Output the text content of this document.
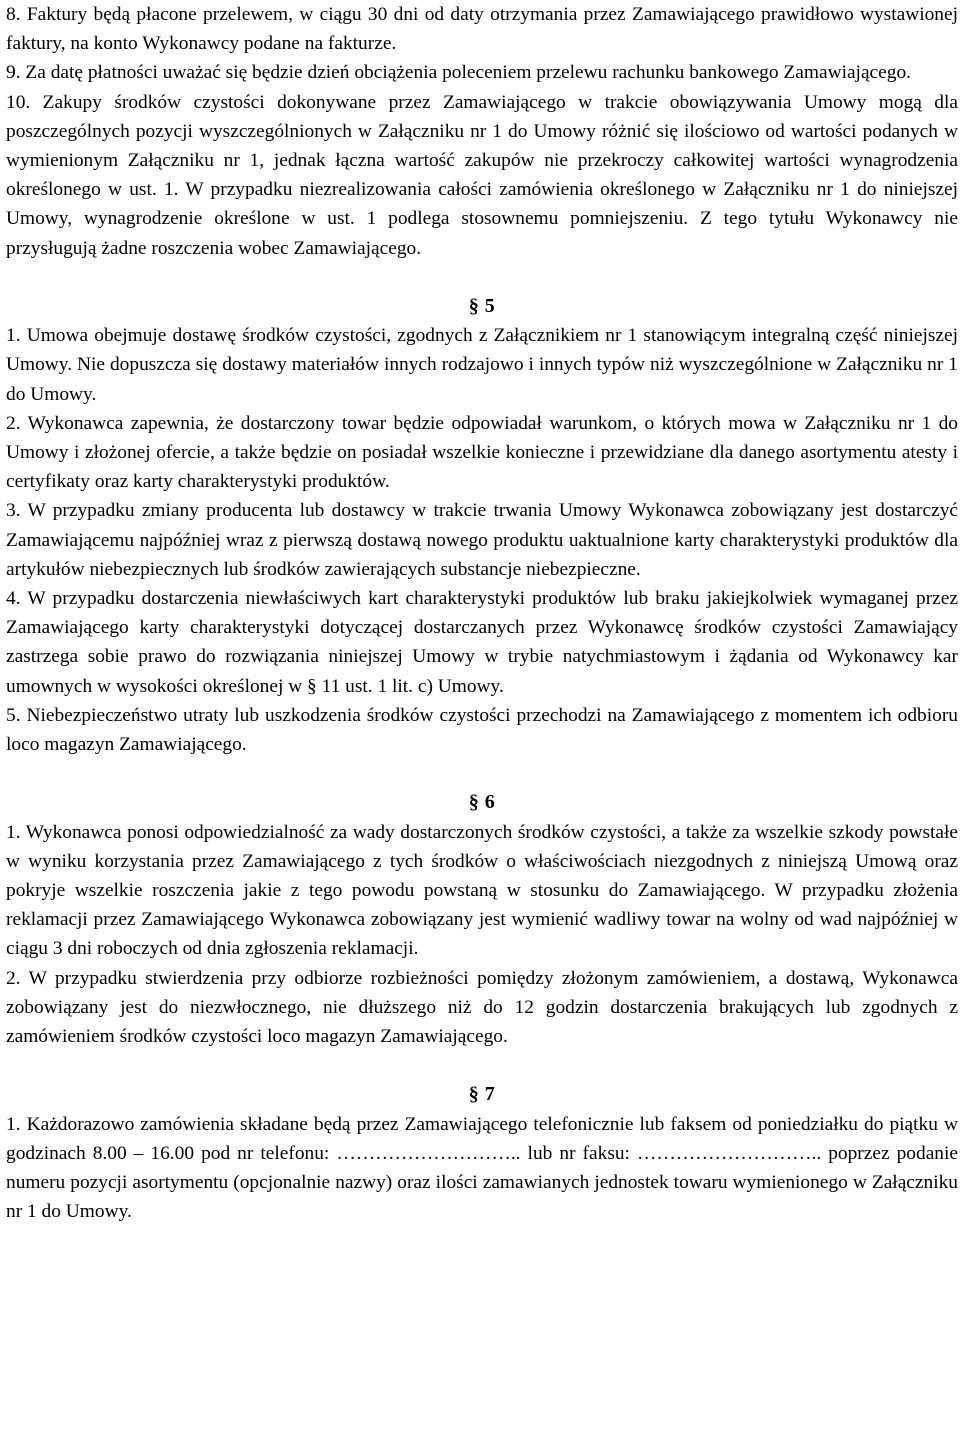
8. Faktury będą płacone przelewem, w ciągu 30 dni od daty otrzymania przez Zamawiającego prawidłowo wystawionej faktury, na konto Wykonawcy podane na fakturze.

9. Za datę płatności uważać się będzie dzień obciążenia poleceniem przelewu rachunku bankowego Zamawiającego.

10. Zakupy środków czystości dokonywane przez Zamawiającego w trakcie obowiązywania Umowy mogą dla poszczególnych pozycji wyszczególnionych w Załączniku nr 1 do Umowy różnić się ilościowo od wartości podanych w wymienionym Załączniku nr 1, jednak łączna wartość zakupów nie przekroczy całkowitej wartości wynagrodzenia określonego w ust. 1. W przypadku niezrealizowania całości zamówienia określonego w Załączniku nr 1 do niniejszej Umowy, wynagrodzenie określone w ust. 1 podlega stosownemu pomniejszeniu. Z tego tytułu Wykonawcy nie przysługują żadne roszczenia wobec Zamawiającego.

§ 5

1. Umowa obejmuje dostawę środków czystości, zgodnych z Załącznikiem nr 1 stanowiącym integralną część niniejszej Umowy. Nie dopuszcza się dostawy materiałów innych rodzajowo i innych typów niż wyszczególnione w Załączniku nr 1 do Umowy.

2. Wykonawca zapewnia, że dostarczony towar będzie odpowiadał warunkom, o których mowa w Załączniku nr 1 do Umowy i złożonej ofercie, a także będzie on posiadał wszelkie konieczne i przewidziane dla danego asortymentu atesty i certyfikaty oraz karty charakterystyki produktów.

3. W przypadku zmiany producenta lub dostawcy w trakcie trwania Umowy Wykonawca zobowiązany jest dostarczyć Zamawiającemu najpóźniej wraz z pierwszą dostawą nowego produktu uaktualnione karty charakterystyki produktów dla artykułów niebezpiecznych lub środków zawierających substancje niebezpieczne.

4. W przypadku dostarczenia niewłaściwych kart charakterystyki produktów lub braku jakiejkolwiek wymaganej przez Zamawiającego karty charakterystyki dotyczącej dostarczanych przez Wykonawcę środków czystości Zamawiający zastrzega sobie prawo do rozwiązania niniejszej Umowy w trybie natychmiastowym i żądania od Wykonawcy kar umownych w wysokości określonej w § 11 ust. 1 lit. c) Umowy.

5. Niebezpieczeństwo utraty lub uszkodzenia środków czystości przechodzi na Zamawiającego z momentem ich odbioru loco magazyn Zamawiającego.

§ 6

1. Wykonawca ponosi odpowiedzialność za wady dostarczonych środków czystości, a także za wszelkie szkody powstałe w wyniku korzystania przez Zamawiającego z tych środków o właściwościach niezgodnych z niniejszą Umową oraz pokryje wszelkie roszczenia jakie z tego powodu powstaną w stosunku do Zamawiającego. W przypadku złożenia reklamacji przez Zamawiającego Wykonawca zobowiązany jest wymienić wadliwy towar na wolny od wad najpóźniej w ciągu 3 dni roboczych od dnia zgłoszenia reklamacji.

2. W przypadku stwierdzenia przy odbiorze rozbieżności pomiędzy złożonym zamówieniem, a dostawą, Wykonawca zobowiązany jest do niezwłocznego, nie dłuższego niż do 12 godzin dostarczenia brakujących lub zgodnych z zamówieniem środków czystości loco magazyn Zamawiającego.

§ 7

1. Każdorazowo zamówienia składane będą przez Zamawiającego telefonicznie lub faksem od poniedziałku do piątku w godzinach 8.00 – 16.00 pod nr telefonu: ……………………….. lub nr faksu: ……………………….. poprzez podanie numeru pozycji asortymentu (opcjonalnie nazwy) oraz ilości zamawianych jednostek towaru wymienionego w Załączniku nr 1 do Umowy.
